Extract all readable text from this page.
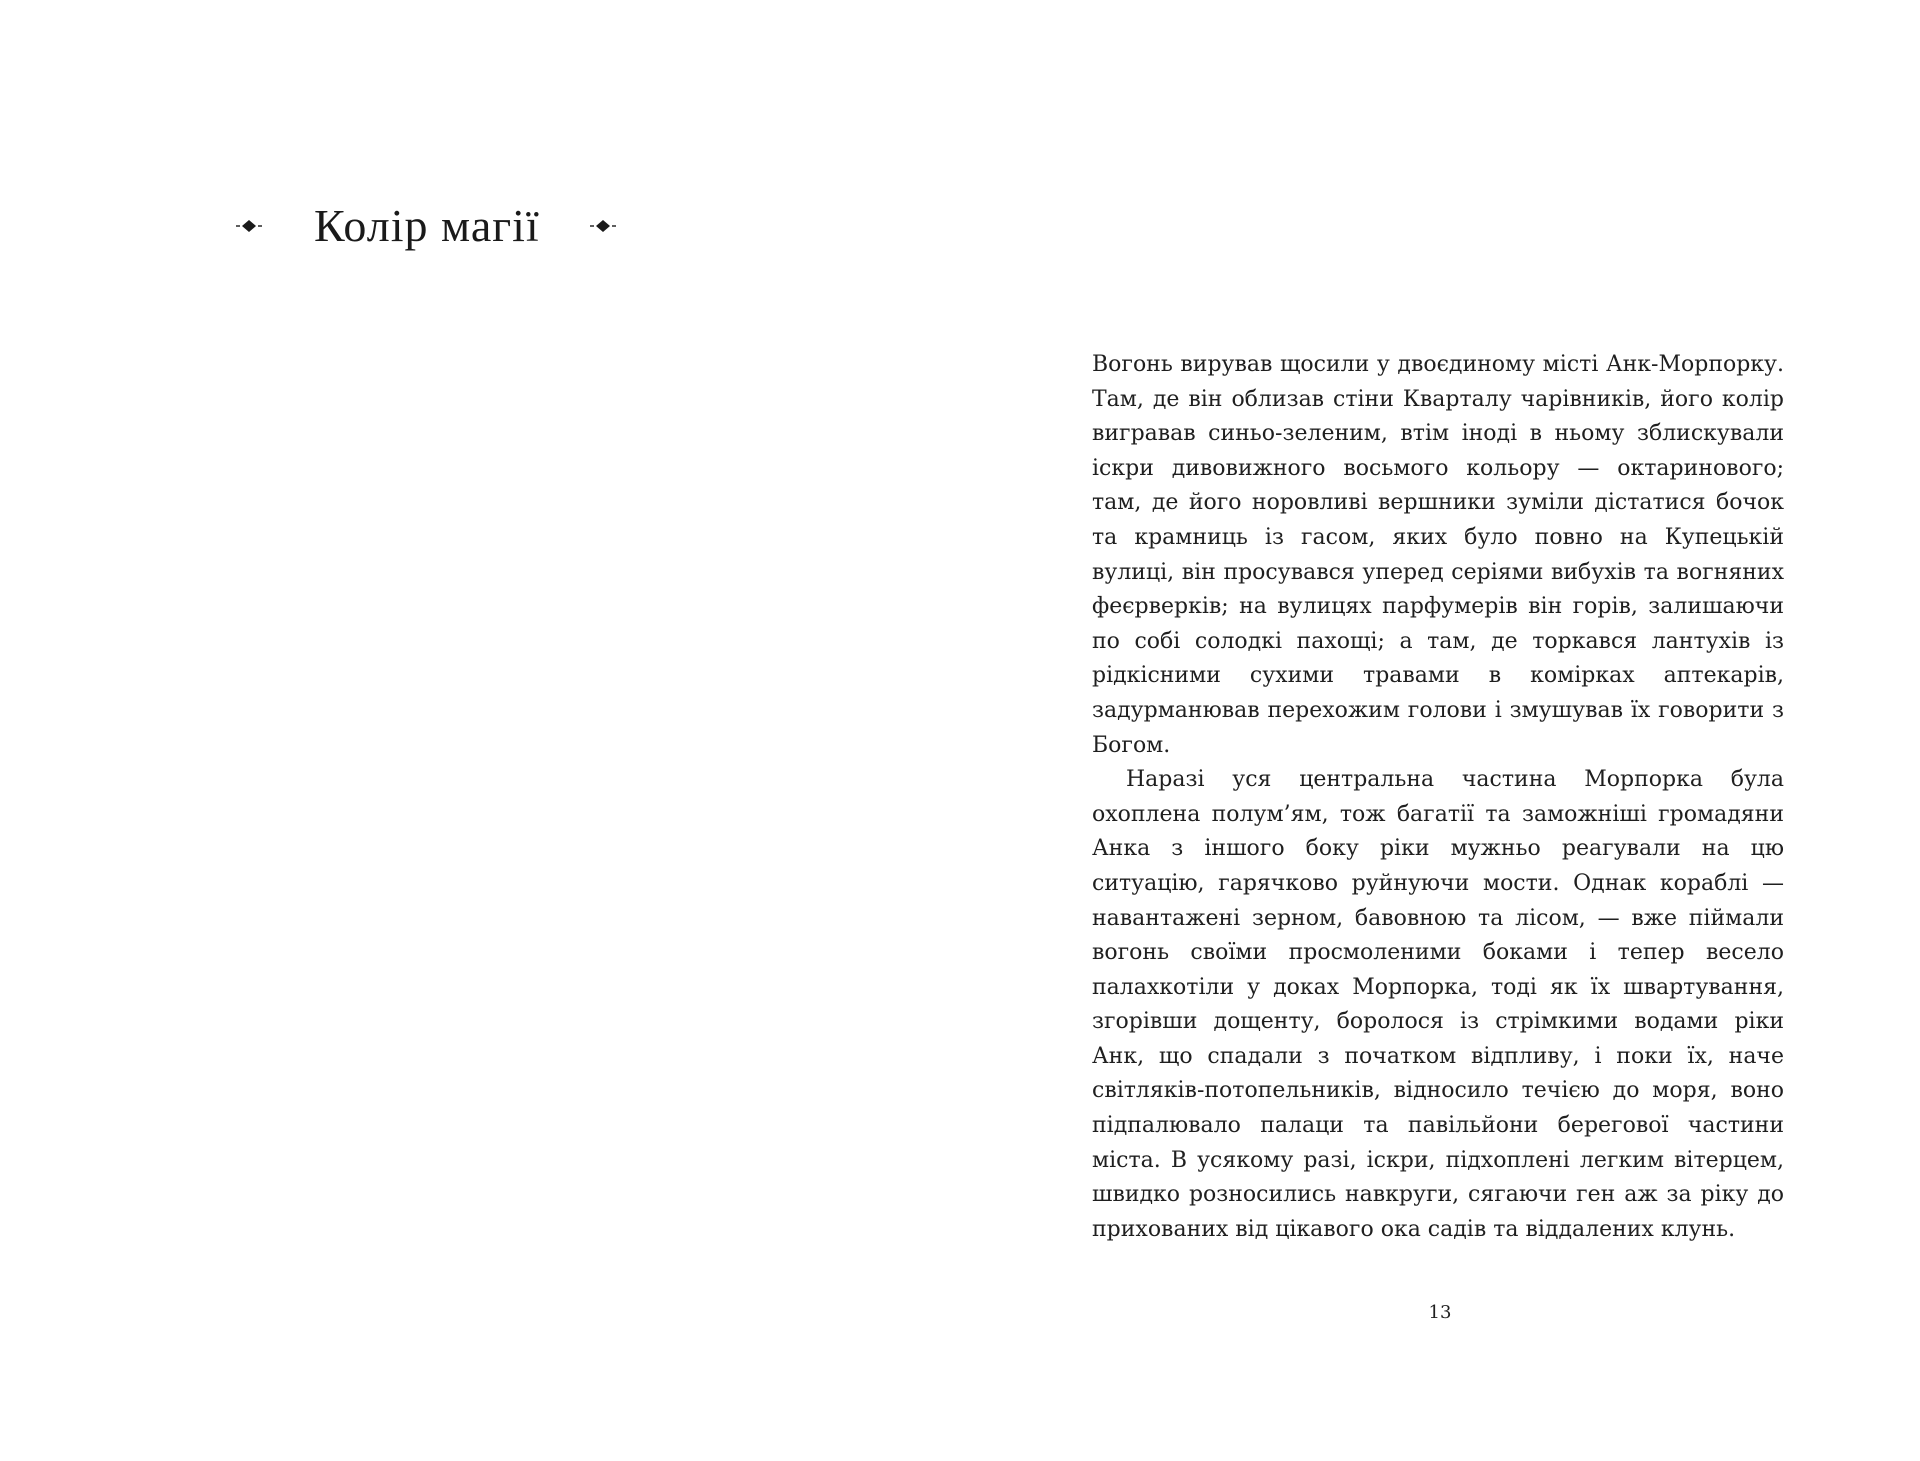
Колір магії

Вогонь вирував щосили у двоєдиному місті Анк-Морпорку. Там, де він облизав стіни Кварталу чарівників, його колір вигравав синьо-зеленим, втім іноді в ньому зблискували іскри дивовижного восьмого кольору — октаринового; там, де його норовливі вершники зуміли дістатися бочок та крамниць із гасом, яких було повно на Купецькій вулиці, він просувався уперед серіями вибухів та вогняних феєрверків; на вулицях парфумерів він горів, залишаючи по собі солодкі пахощі; а там, де торкався лантухів із рідкісними сухими травами в комірках аптекарів, задурманював перехожим голови і змушував їх говорити з Богом.

Наразі уся центральна частина Морпорка була охоплена полум’ям, тож багатії та заможніші громадяни Анка з іншого боку ріки мужньо реагували на цю ситуацію, гарячково руйнуючи мости. Однак кораблі — навантажені зерном, бавовною та лісом, — вже піймали вогонь своїми просмоленими боками і тепер весело палахкотіли у доках Морпорка, тоді як їх швартування, згорівши дощенту, боролося із стрімкими водами ріки Анк, що спадали з початком відпливу, і поки їх, наче світляків-потопельників, відносило течією до моря, воно підпалювало палаци та павільйони берегової частини міста. В усякому разі, іскри, підхоплені легким вітерцем, швидко розносились навкруги, сягаючи ген аж за ріку до прихованих від цікавого ока садів та віддалених клунь.

13
